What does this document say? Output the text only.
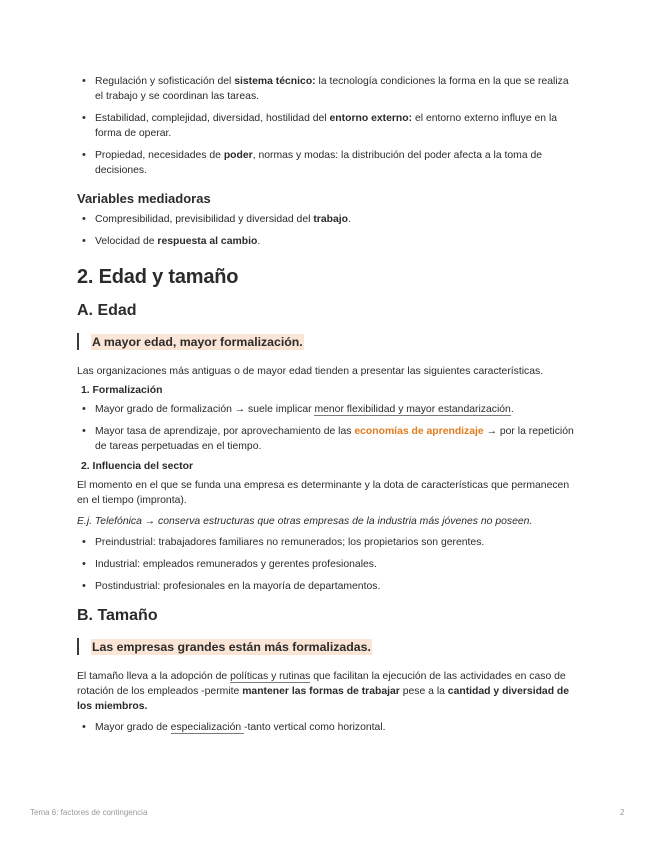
• Regulación y sofisticación del sistema técnico: la tecnología condiciones la forma en la que se realiza el trabajo y se coordinan las tareas.
• Estabilidad, complejidad, diversidad, hostilidad del entorno externo: el entorno externo influye en la forma de operar.
• Propiedad, necesidades de poder, normas y modas: la distribución del poder afecta a la toma de decisiones.
Variables mediadoras
• Compresibilidad, previsibilidad y diversidad del trabajo.
• Velocidad de respuesta al cambio.
2. Edad y tamaño
A. Edad
A mayor edad, mayor formalización.
Las organizaciones más antiguas o de mayor edad tienden a presentar las siguientes características.
1. Formalización
• Mayor grado de formalización → suele implicar menor flexibilidad y mayor estandarización.
• Mayor tasa de aprendizaje, por aprovechamiento de las economías de aprendizaje → por la repetición de tareas perpetuadas en el tiempo.
2. Influencia del sector
El momento en el que se funda una empresa es determinante y la dota de características que permanecen en el tiempo (impronta).
E.j. Telefónica → conserva estructuras que otras empresas de la industria más jóvenes no poseen.
• Preindustrial: trabajadores familiares no remunerados; los propietarios son gerentes.
• Industrial: empleados remunerados y gerentes profesionales.
• Postindustrial: profesionales en la mayoría de departamentos.
B. Tamaño
Las empresas grandes están más formalizadas.
El tamaño lleva a la adopción de políticas y rutinas que facilitan la ejecución de las actividades en caso de rotación de los empleados -permite mantener las formas de trabajar pese a la cantidad y diversidad de los miembros.
• Mayor grado de especialización -tanto vertical como horizontal.
Tema 6: factores de contingencia	2
